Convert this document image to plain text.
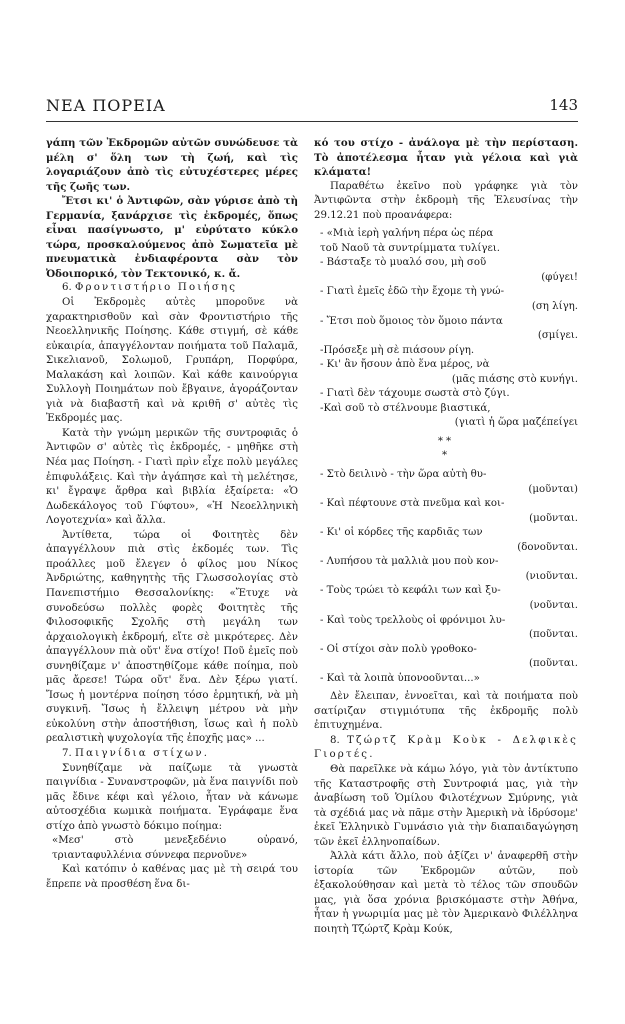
ΝΕΑ ΠΟΡΕΙΑ	143

γάπη τῶν Ἐκδρομῶν αὐτῶν συνώδευσε τὰ μέλη σ' ὅλη των τὴ ζωή, καὶ τὶς λογαριάζουν ἀπὸ τὶς εὐτυχέστερες μέρες τῆς ζωῆς των.

Ἔτσι κι' ὁ Ἀντιφῶν, σὰν γύρισε ἀπὸ τὴ Γερμανία, ξανάρχισε τὶς ἐκδρομές, ὅπως εἶναι πασίγνωστο, μ' εὐρύτατο κύκλο τώρα, προσκαλούμενος ἀπὸ Σωματεῖα μὲ πνευματικὰ ἐνδιαφέροντα σὰν τὸν Ὀδοιπορικό, τὸν Τεκτονικό, κ. ἄ.

6. Φροντιστήριο Ποιήσης

Οἱ Ἐκδρομὲς αὐτὲς μποροῦνε νὰ χαρακτηρισθοῦν καὶ σὰν Φροντιστήριο τῆς Νεοελληνικῆς Ποίησης. Κάθε στιγμή, σὲ κάθε εὐκαιρία, ἀπαγγέλονταν ποιήματα τοῦ Παλαμᾶ, Σικελιανοῦ, Σολωμοῦ, Γρυπάρη, Πορφύρα, Μαλακάση καὶ λοιπῶν. Καὶ κάθε καινούργια Συλλογὴ Ποιημάτων ποὺ ἔβγαινε, ἀγοράζονταν γιὰ νὰ διαβαστῆ καὶ νὰ κριθῆ σ' αὐτὲς τὶς Ἐκδρομές μας.

Κατὰ τὴν γνώμη μερικῶν τῆς συντροφιᾶς ὁ Ἀντιφῶν σ' αὐτὲς τὶς ἐκδρομές, - μηθῆκε στὴ Νέα μας Ποίηση. - Γιατὶ πρὶν εἶχε πολὺ μεγάλες ἐπιφυλάξεις. Καὶ τὴν ἀγάπησε καὶ τὴ μελέτησε, κι' ἔγραψε ἄρθρα καὶ βιβλία ἐξαίρετα: «Ὁ Δωδεκάλογος τοῦ Γύφτου», «Ἡ Νεοελληνικὴ Λογοτεχνία» καὶ ἄλλα.

Ἀντίθετα, τώρα οἱ Φοιτητὲς δὲν ἀπαγγέλλουν πιὰ στὶς ἐκδομές των. Τὶς προάλλες μοῦ ἔλεγεν ὁ φίλος μου Νίκος Ἀνδριώτης, καθηγητὴς τῆς Γλωσσολογίας στὸ Πανεπιστήμιο Θεσσαλονίκης: «Ἔτυχε νὰ συνοδεύσω πολλὲς φορὲς Φοιτητὲς τῆς Φιλοσοφικῆς Σχολῆς στὴ μεγάλη των ἀρχαιολογικὴ ἐκδρομή, εἴτε σὲ μικρότερες. Δὲν ἀπαγγέλλουν πιὰ οὔτ' ἕνα στίχο! Ποῦ ἐμεῖς ποὺ συνηθίζαμε ν' ἀποστηθίζομε κάθε ποίημα, ποὺ μᾶς ἄρεσε! Τώρα οὔτ' ἕνα. Δὲν ξέρω γιατί. Ἴσως ἡ μοντέρνα ποίηση τόσο ἑρμητική, νὰ μὴ συγκινῆ. Ἴσως ἡ ἔλλειψη μέτρου νὰ μὴν εὐκολύνη στὴν ἀποστήθιση, ἴσως καὶ ἡ πολὺ ρεαλιστικὴ ψυχολογία τῆς ἐποχῆς μας» ...

7. Παιγνίδια στίχων.

Συνηθίζαμε νὰ παίζωμε τὰ γνωστὰ παιγνίδια - Συνανστροφῶν, μὰ ἕνα παιγνίδι ποὺ μᾶς ἔδινε κέφι καὶ γέλοιο, ἦταν νὰ κάνωμε αὐτοσχέδια κωμικὰ ποιήματα. Ἐγράφαμε ἕνα στίχο ἀπὸ γνωστὸ δόκιμο ποίημα:

«Μεσ' στὸ μενεξεδένιο οὐρανό, τριανταφυλλένια σύννεφα περνοῦνε»

Καὶ κατόπιν ὁ καθένας μας μὲ τὴ σειρά του ἔπρεπε νὰ προσθέση ἕνα δι-

κό του στίχο - ἀνάλογα μὲ τὴν περίσταση. Τὸ ἀποτέλεσμα ἦταν γιὰ γέλοια καὶ γιὰ κλάματα!

Παραθέτω ἐκεῖνο ποὺ γράφηκε γιὰ τὸν Ἀντιφῶντα στὴν ἐκδρομὴ τῆς Ἐλευσίνας τὴν 29.12.21 ποὺ προανάφερα:

- «Μιὰ ἱερὴ γαλήνη πέρα ὡς πέρα
τοῦ Ναοῦ τὰ συντρίμματα τυλίγει.
- Βάσταξε τὸ μυαλό σου, μὴ σοῦ
(φύγει!
- Γιατὶ ἐμεῖς ἐδῶ τὴν ἔχομε τὴ γνώ-
(ση λίγη.
- Ἔτσι ποὺ ὅμοιος τὸν ὅμοιο πάντα
(σμίγει.
-Πρόσεξε μὴ σὲ πιάσουν ρίγη.
- Κι' ἂν ἤσουν ἀπὸ ἕνα μέρος, νὰ
(μᾶς πιάσης στὸ κυνήγι.
- Γιατὶ δὲν τάχουμε σωστὰ στὸ ζύγι.
-Καὶ σοῦ τὸ στέλνουμε βιαστικά,
(γιατὶ ἡ ὥρα μαζέπείγει
**
*
- Στὸ δειλινὸ - τὴν ὥρα αὐτὴ θυ-
(μοῦνται)
- Καὶ πέφτουνε στὰ πνεῦμα καὶ κοι-
(μοῦνται.
- Κι' οἱ κόρδες τῆς καρδιᾶς των
(δονοῦνται.
- Λυπήσου τὰ μαλλιὰ μου ποὺ κον-
(νιοῦνται.
- Τοὺς τρώει τὸ κεφάλι των καὶ ξυ-
(νοῦνται.
- Καὶ τοὺς τρελλοὺς οἱ φρόνιμοι λυ-
(ποῦνται.
- Οἱ στίχοι σὰν πολὺ γροθοκο-
(ποῦνται.
- Καὶ τὰ λοιπὰ ὑπονοοῦνται...»

Δὲν ἔλειπαν, ἐννοεῖται, καὶ τὰ ποιήματα ποὺ σατίριζαν στιγμιότυπα τῆς ἐκδρομῆς πολὺ ἐπιτυχημένα.

8. Τζώρτζ Κρὰμ Κοὺκ - Δελφικὲς Γιορτές.

Θὰ παρεῖλκε νὰ κάμω λόγο, γιὰ τὸν ἀντίκτυπο τῆς Καταστροφῆς στὴ Συντροφιά μας, γιὰ τὴν ἀναβίωση τοῦ Ὁμίλου Φιλοτέχνων Σμύρνης, γιὰ τὰ σχέδιά μας νὰ πᾶμε στὴν Ἀμερικὴ νὰ ἱδρύσομε' ἐκεῖ Ἑλληνικὸ Γυμνάσιο γιὰ τὴν διαπαιδαγώγηση τῶν ἐκεῖ ἑλληνοπαίδων.

Ἀλλὰ κάτι ἄλλο, ποὺ ἀξίζει ν' ἀναφερθῆ στὴν ἱστορία τῶν Ἐκδρομῶν αὐτῶν, ποὺ ἐξακολούθησαν καὶ μετὰ τὸ τέλος τῶν σπουδῶν μας, γιὰ ὅσα χρόνια βρισκόμαστε στὴν Ἀθήνα, ἦταν ἡ γνωριμία μας μὲ τὸν Ἀμερικανὸ Φιλέλληνα ποιητὴ Τζώρτζ Κρὰμ Κούκ,
